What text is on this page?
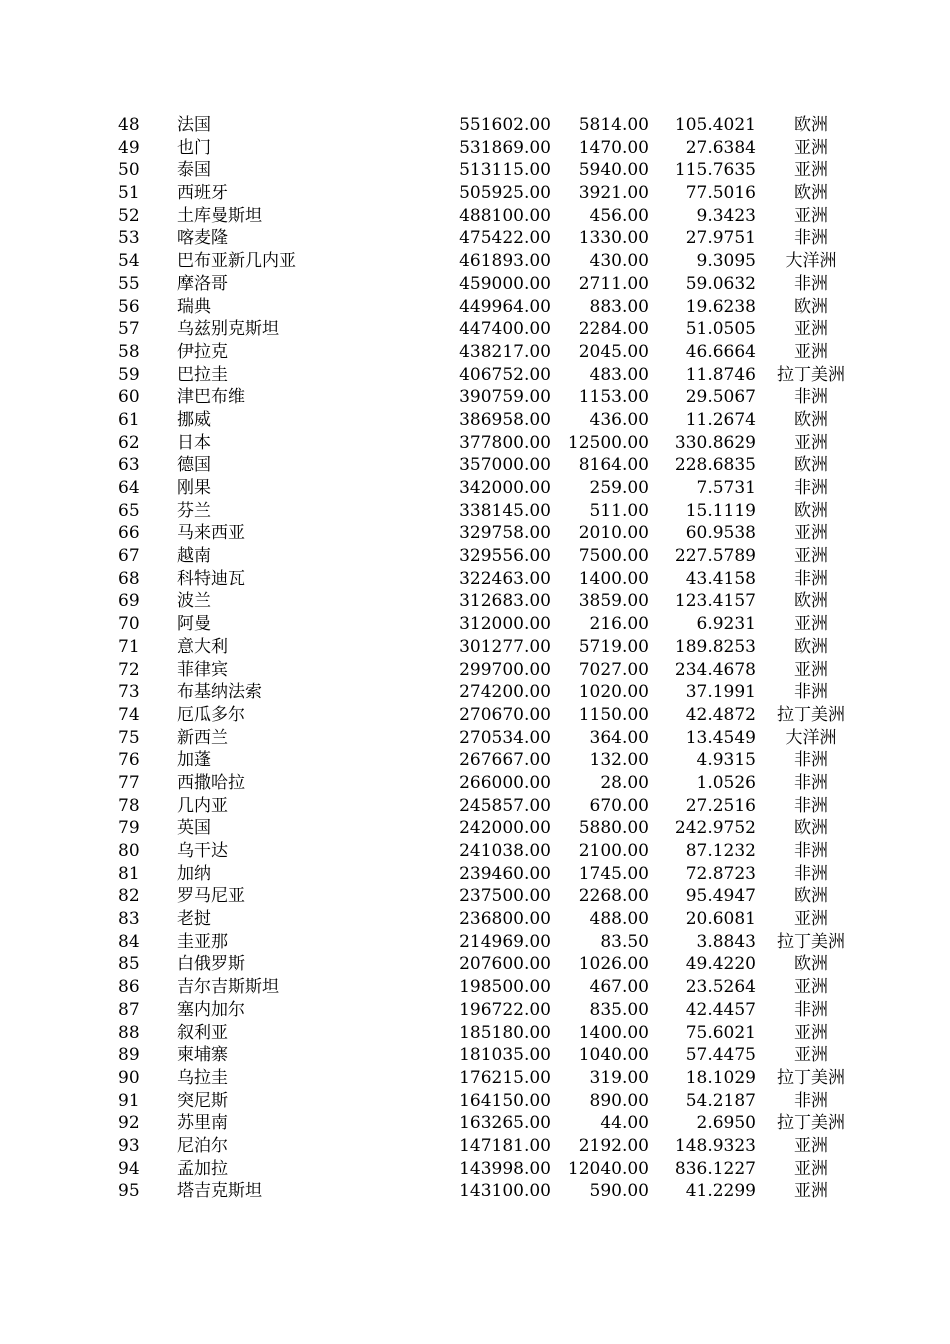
48	法国	551602.00	5814.00	105.4021	欧洲
49	也门	531869.00	1470.00	27.6384	亚洲
50	泰国	513115.00	5940.00	115.7635	亚洲
51	西班牙	505925.00	3921.00	77.5016	欧洲
52	土库曼斯坦	488100.00	456.00	9.3423	亚洲
53	喀麦隆	475422.00	1330.00	27.9751	非洲
54	巴布亚新几内亚	461893.00	430.00	9.3095	大洋洲
55	摩洛哥	459000.00	2711.00	59.0632	非洲
56	瑞典	449964.00	883.00	19.6238	欧洲
57	乌兹别克斯坦	447400.00	2284.00	51.0505	亚洲
58	伊拉克	438217.00	2045.00	46.6664	亚洲
59	巴拉圭	406752.00	483.00	11.8746	拉丁美洲
60	津巴布维	390759.00	1153.00	29.5067	非洲
61	挪威	386958.00	436.00	11.2674	欧洲
62	日本	377800.00 12500.00	330.8629	亚洲
63	德国	357000.00	8164.00	228.6835	欧洲
64	刚果	342000.00	259.00	7.5731	非洲
65	芬兰	338145.00	511.00	15.1119	欧洲
66	马来西亚	329758.00	2010.00	60.9538	亚洲
67	越南	329556.00	7500.00	227.5789	亚洲
68	科特迪瓦	322463.00	1400.00	43.4158	非洲
69	波兰	312683.00	3859.00	123.4157	欧洲
70	阿曼	312000.00	216.00	6.9231	亚洲
71	意大利	301277.00	5719.00	189.8253	欧洲
72	菲律宾	299700.00	7027.00	234.4678	亚洲
73	布基纳法索	274200.00	1020.00	37.1991	非洲
74	厄瓜多尔	270670.00	1150.00	42.4872	拉丁美洲
75	新西兰	270534.00	364.00	13.4549	大洋洲
76	加蓬	267667.00	132.00	4.9315	非洲
77	西撒哈拉	266000.00	28.00	1.0526	非洲
78	几内亚	245857.00	670.00	27.2516	非洲
79	英国	242000.00	5880.00	242.9752	欧洲
80	乌干达	241038.00	2100.00	87.1232	非洲
81	加纳	239460.00	1745.00	72.8723	非洲
82	罗马尼亚	237500.00	2268.00	95.4947	欧洲
83	老挝	236800.00	488.00	20.6081	亚洲
84	圭亚那	214969.00	83.50	3.8843	拉丁美洲
85	白俄罗斯	207600.00	1026.00	49.4220	欧洲
86	吉尔吉斯斯坦	198500.00	467.00	23.5264	亚洲
87	塞内加尔	196722.00	835.00	42.4457	非洲
88	叙利亚	185180.00	1400.00	75.6021	亚洲
89	柬埔寨	181035.00	1040.00	57.4475	亚洲
90	乌拉圭	176215.00	319.00	18.1029	拉丁美洲
91	突尼斯	164150.00	890.00	54.2187	非洲
92	苏里南	163265.00	44.00	2.6950	拉丁美洲
93	尼泊尔	147181.00	2192.00	148.9323	亚洲
94	孟加拉	143998.00 12040.00	836.1227	亚洲
95	塔吉克斯坦	143100.00	590.00	41.2299	亚洲
